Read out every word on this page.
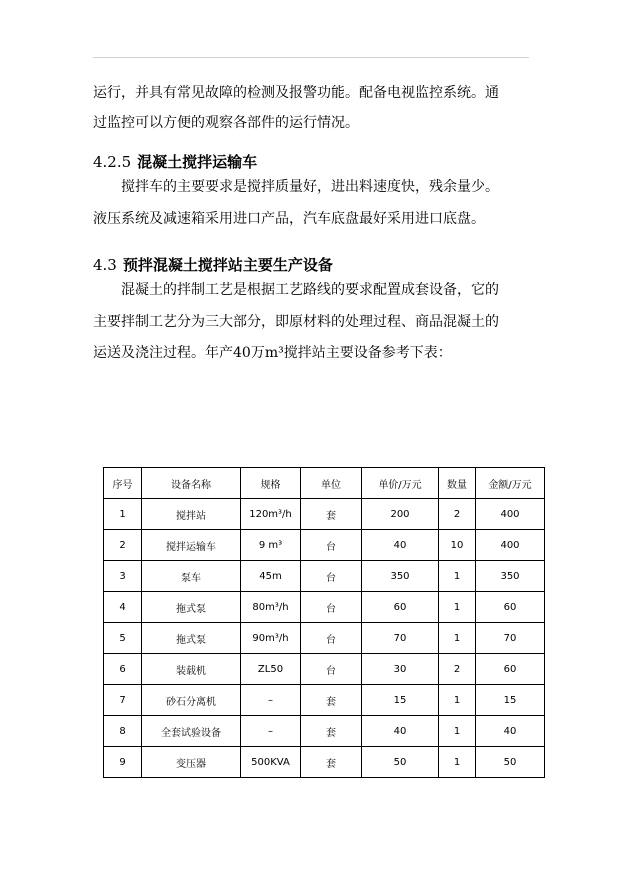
运行，并具有常见故障的检测及报警功能。配备电视监控系统。通
过监控可以方便的观察各部件的运行情况。
4.2.5 混凝土搅拌运输车
搅拌车的主要要求是搅拌质量好，进出料速度快，残余量少。
液压系统及减速箱采用进口产品，汽车底盘最好采用进口底盘。
4.3 预拌混凝土搅拌站主要生产设备
混凝土的拌制工艺是根据工艺路线的要求配置成套设备，它的
主要拌制工艺分为三大部分，即原材料的处理过程、商品混凝土的
运送及浇注过程。年产40万m³搅拌站主要设备参考下表：
序号	设备名称	规格	单位	单价/万元	数量	金额/万元
1	搅拌站	120m³/h	套	200	2	400
2	搅拌运输车	9 m³	台	40	10	400
3	泵车	45m	台	350	1	350
4	拖式泵	80m³/h	台	60	1	60
5	拖式泵	90m³/h	台	70	1	70
6	装载机	ZL50	台	30	2	60
7	砂石分离机	–	套	15	1	15
8	全套试验设备	–	套	40	1	40
9	变压器	500KVA	套	50	1	50
